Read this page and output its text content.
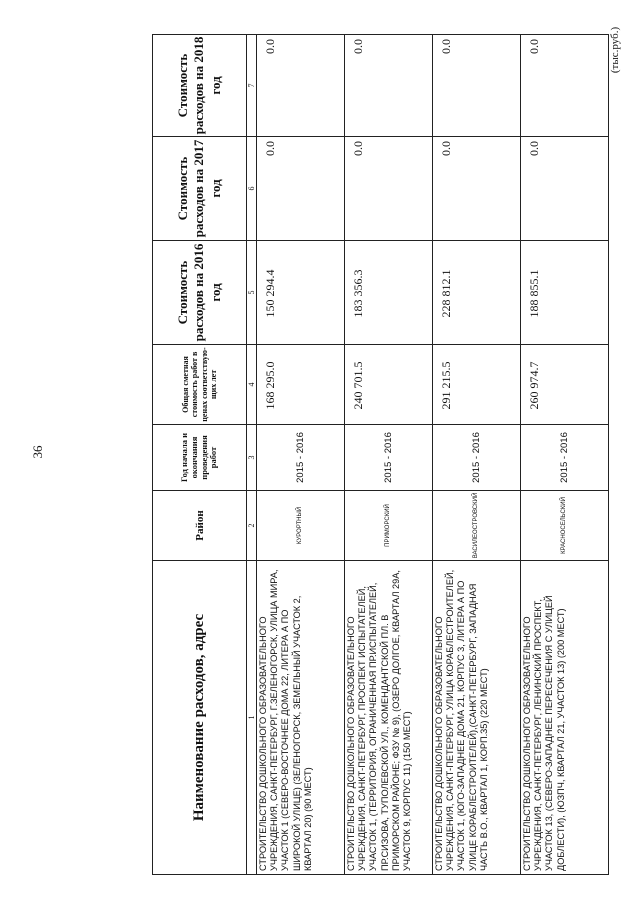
36
(тыс.руб.)
Наименование расходов, адрес	Район	Год начала и окончания проведения работ	Общая сметная стоимость работ в ценах соответствую-щих лет	Стоимость расходов на 2016 год	Стоимость расходов на 2017 год	Стоимость расходов на 2018 год
1	2	3	4	5	6	7
СТРОИТЕЛЬСТВО ДОШКОЛЬНОГО ОБРАЗОВАТЕЛЬНОГО УЧРЕЖДЕНИЯ, САНКТ-ПЕТЕРБУРГ, Г.ЗЕЛЕНОГОРСК, УЛИЦА МИРА, УЧАСТОК 1 (СЕВЕРО-ВОСТОЧНЕЕ ДОМА 22, ЛИТЕРА А ПО ШИРОКОЙ УЛИЦЕ) (ЗЕЛЕНОГОРСК, ЗЕМЕЛЬНЫЙ УЧАСТОК 2, КВАРТАЛ 20) (90 МЕСТ)	КУРОРТНЫЙ	2015 - 2016	168 295.0	150 294.4	0.0	0.0
СТРОИТЕЛЬСТВО ДОШКОЛЬНОГО ОБРАЗОВАТЕЛЬНОГО УЧРЕЖДЕНИЯ, САНКТ-ПЕТЕРБУРГ, ПРОСПЕКТ ИСПЫТАТЕЛЕЙ, УЧАСТОК 1, (ТЕРРИТОРИЯ, ОГРАНИЧЕННАЯ ПР.ИСПЫТАТЕЛЕЙ, ПР.СИЗОВА, ТУПОЛЕВСКОЙ УЛ., КОМЕНДАНТСКОЙ ПЛ. В ПРИМОРСКОМ РАЙОНЕ; ФЗУ № 9), (ОЗЕРО ДОЛГОЕ, КВАРТАЛ 29А, УЧАСТОК 9, КОРПУС 11) (150 МЕСТ)	ПРИМОРСКИЙ	2015 - 2016	240 701.5	183 356.3	0.0	0.0
СТРОИТЕЛЬСТВО ДОШКОЛЬНОГО ОБРАЗОВАТЕЛЬНОГО УЧРЕЖДЕНИЯ, САНКТ-ПЕТЕРБУРГ, УЛИЦА КОРАБЛЕСТРОИТЕЛЕЙ, УЧАСТОК 1, (ЮГО-ЗАПАДНЕЕ ДОМА 21, КОРПУС 3, ЛИТЕРА А ПО УЛИЦЕ КОРАБЛЕСТРОИТЕЛЕЙ),(САНКТ-ПЕТЕРБУРГ, ЗАПАДНАЯ ЧАСТЬ В.О., КВАРТАЛ 1, КОРП.35) (220 МЕСТ)	ВАСИЛЕОСТРОВСКИЙ	2015 - 2016	291 215.5	228 812.1	0.0	0.0
СТРОИТЕЛЬСТВО ДОШКОЛЬНОГО ОБРАЗОВАТЕЛЬНОГО УЧРЕЖДЕНИЯ, САНКТ-ПЕТЕРБУРГ, ЛЕНИНСКИЙ ПРОСПЕКТ, УЧАСТОК 13, (СЕВЕРО-ЗАПАДНЕЕ ПЕРЕСЕЧЕНИЯ С УЛИЦЕЙ ДОБЛЕСТИ), (ЮЗПЧ, КВАРТАЛ 21, УЧАСТОК 13) (200 МЕСТ)	КРАСНОСЕЛЬСКИЙ	2015 - 2016	260 974.7	188 855.1	0.0	0.0
